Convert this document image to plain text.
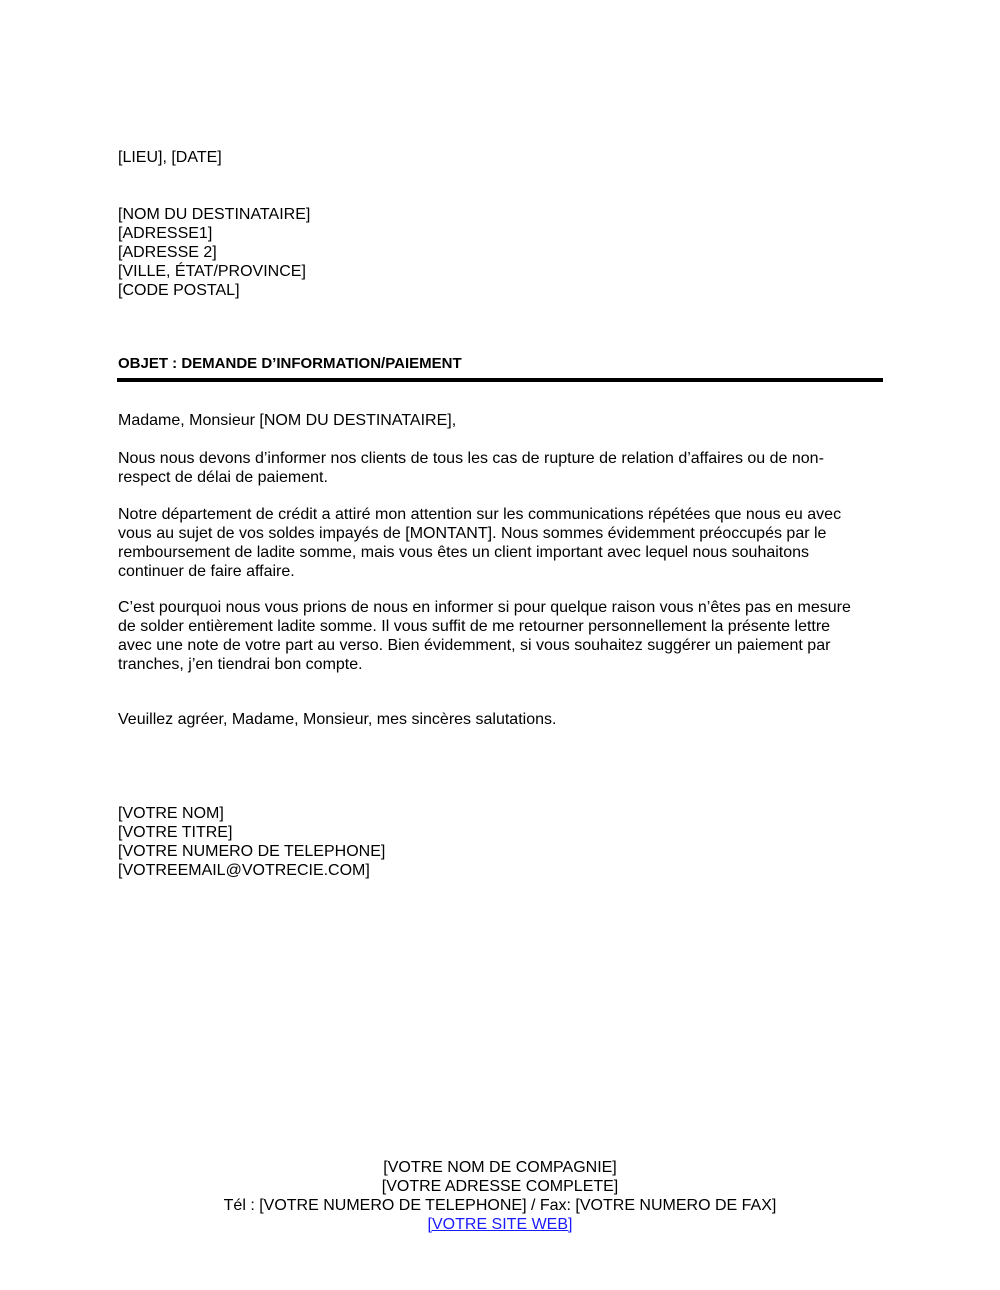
[LIEU], [DATE]
[NOM DU DESTINATAIRE]
[ADRESSE1]
[ADRESSE 2]
[VILLE, ÉTAT/PROVINCE]
[CODE POSTAL]
OBJET : DEMANDE D’INFORMATION/PAIEMENT
Madame, Monsieur [NOM DU DESTINATAIRE],
Nous nous devons d’informer nos clients de tous les cas de rupture de relation d’affaires ou de non-
respect de délai de paiement.
Notre département de crédit a attiré mon attention sur les communications répétées que nous eu avec
vous au sujet de vos soldes impayés de [MONTANT]. Nous sommes évidemment préoccupés par le
remboursement de ladite somme, mais vous êtes un client important avec lequel nous souhaitons
continuer de faire affaire.
C’est pourquoi nous vous prions de nous en informer si pour quelque raison vous n’êtes pas en mesure
de solder entièrement ladite somme. Il vous suffit de me retourner personnellement la présente lettre
avec une note de votre part au verso. Bien évidemment, si vous souhaitez suggérer un paiement par
tranches, j’en tiendrai bon compte.
Veuillez agréer, Madame, Monsieur, mes sincères salutations.
[VOTRE NOM]
[VOTRE TITRE]
[VOTRE NUMERO DE TELEPHONE]
[VOTREEMAIL@VOTRECIE.COM]
[VOTRE NOM DE COMPAGNIE]
[VOTRE ADRESSE COMPLETE]
Tél : [VOTRE NUMERO DE TELEPHONE] / Fax: [VOTRE NUMERO DE FAX]
[VOTRE SITE WEB]
